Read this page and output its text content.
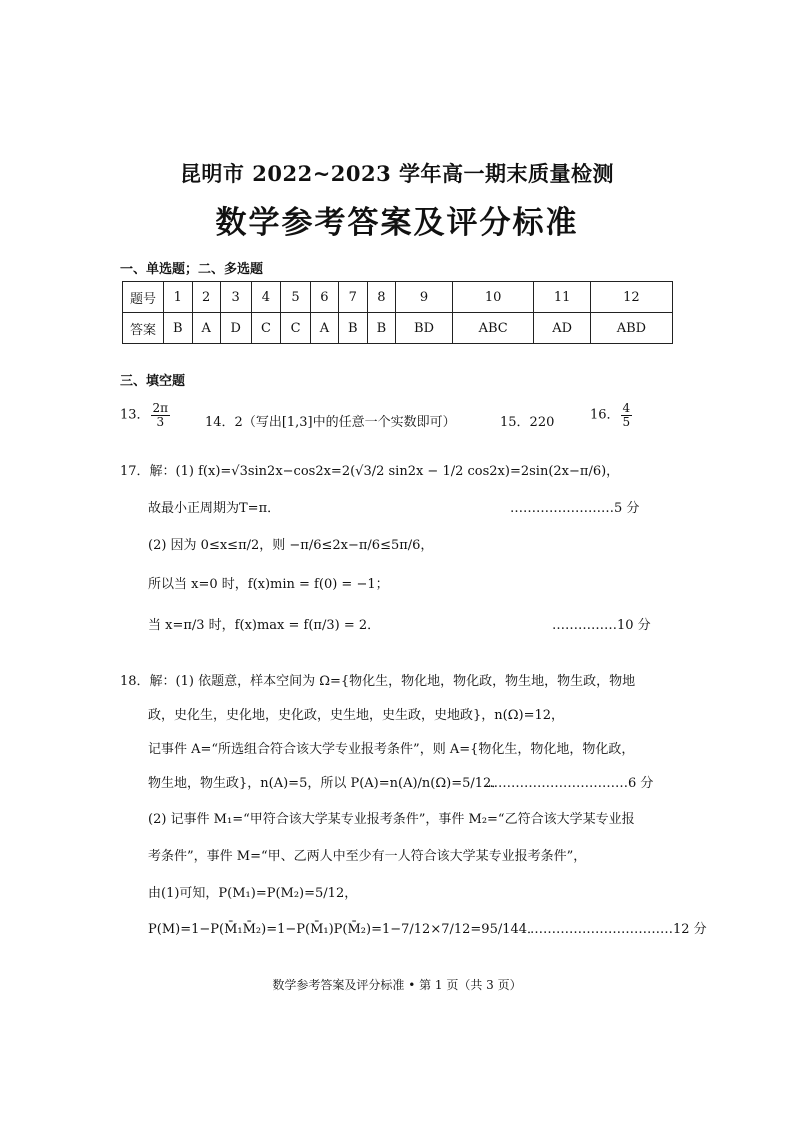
昆明市 2022~2023 学年高一期末质量检测
数学参考答案及评分标准
一、单选题；二、多选题
题号	1	2	3	4	5	6	7	8	9	10	11	12
答案	B	A	D	C	C	A	B	B	BD	ABC	AD	ABD
三、填空题
13． $\frac{2\pi}{3}$	14．2（写出[1,3]中的任意一个实数即可）	15．220	16． $\frac{4}{5}$
17．解：(1) f(x)=√3sin2x−cos2x=2(√3/2 sin2x − 1/2 cos2x)=2sin(2x−π/6)，
故最小正周期为T=π．	……………………5 分
(2) 因为 0≤x≤π/2，则 −π/6≤2x−π/6≤5π/6，
所以当 x=0 时，f(x)min = f(0) = −1；
当 x=π/3 时，f(x)max = f(π/3) = 2．	……………10 分
18．解：(1) 依题意，样本空间为 Ω={物化生，物化地，物化政，物生地，物生政，物地
政，史化生，史化地，史化政，史生地，史生政，史地政}，n(Ω)=12，
记事件 A=“所选组合符合该大学专业报考条件”，则 A={物化生，物化地，物化政，
物生地，物生政}，n(A)=5，所以 P(A)=n(A)/n(Ω)=5/12．
……………………………6 分
(2) 记事件 M₁=“甲符合该大学某专业报考条件”，事件 M₂=“乙符合该大学某专业报
考条件”，事件 M=“甲、乙两人中至少有一人符合该大学某专业报考条件”，
由(1)可知，P(M₁)=P(M₂)=5/12，
P(M)=1−P(M̄₁M̄₂)=1−P(M̄₁)P(M̄₂)=1−7/12×7/12=95/144．
……………………………12 分
数学参考答案及评分标准 • 第 1 页（共 3 页）
